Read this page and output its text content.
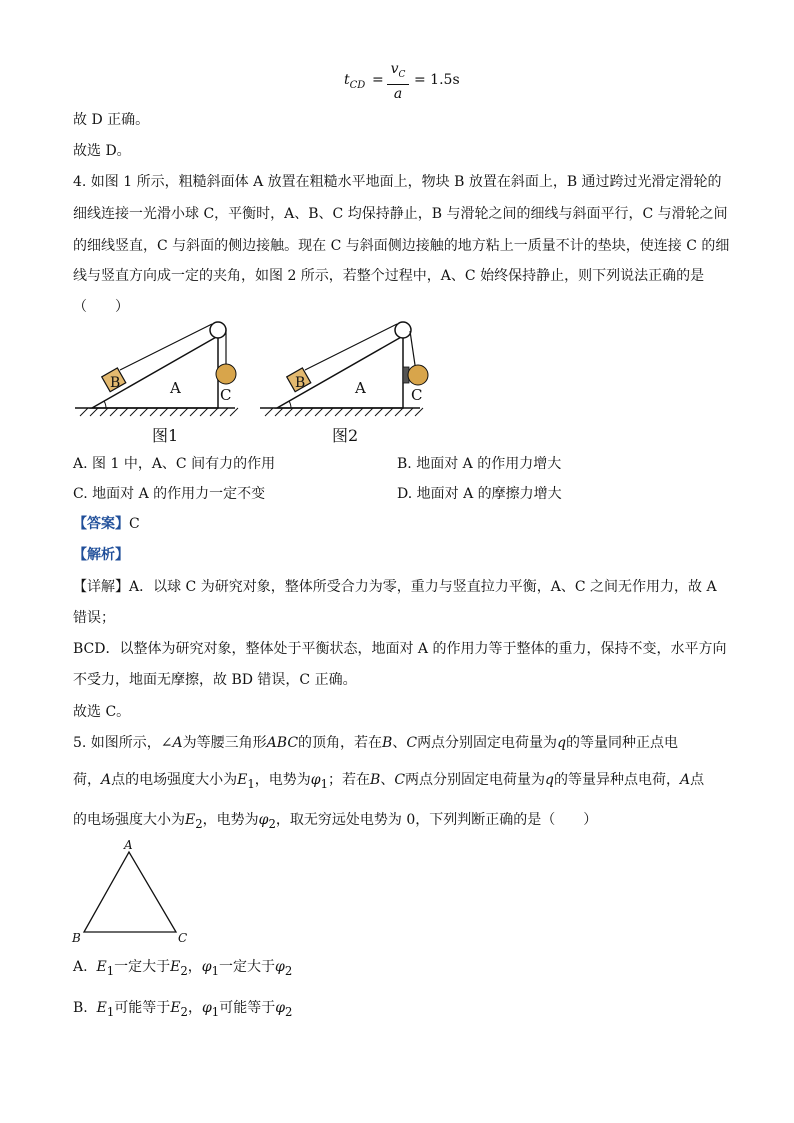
$t_{CD}$ =
$v_C$
a
= 1.5s
故 D 正确。
故选 D。
4. 如图 1 所示，粗糙斜面体 A 放置在粗糙水平地面上，物块 B 放置在斜面上，B 通过跨过光滑定滑轮的
细线连接一光滑小球 C，平衡时，A、B、C 均保持静止，B 与滑轮之间的细线与斜面平行，C 与滑轮之间
的细线竖直，C 与斜面的侧边接触。现在 C 与斜面侧边接触的地方粘上一质量不计的垫块，使连接 C 的细
线与竖直方向成一定的夹角，如图 2 所示，若整个过程中，A、C 始终保持静止，则下列说法正确的是
（　　）
B	A	C
图1
B	A	C
图2
A. 图 1 中，A、C 间有力的作用	B. 地面对 A 的作用力增大
C. 地面对 A 的作用力一定不变	D. 地面对 A 的摩擦力增大
【答案】C
【解析】
【详解】A．以球 C 为研究对象，整体所受合力为零，重力与竖直拉力平衡，A、C 之间无作用力，故 A
错误；
BCD．以整体为研究对象，整体处于平衡状态，地面对 A 的作用力等于整体的重力，保持不变，水平方向
不受力，地面无摩擦，故 BD 错误，C 正确。
故选 C。
5. 如图所示，∠A为等腰三角形ABC的顶角，若在B、C两点分别固定电荷量为q的等量同种正点电
荷，A点的电场强度大小为$E_1$，电势为$\varphi_1$；若在B、C两点分别固定电荷量为q的等量异种点电荷，A点
的电场强度大小为$E_2$，电势为$\varphi_2$，取无穷远处电势为 0，下列判断正确的是（　　）
A
B	C
A. $E_1$一定大于$E_2$，$\varphi_1$一定大于$\varphi_2$
B. $E_1$可能等于$E_2$，$\varphi_1$可能等于$\varphi_2$
